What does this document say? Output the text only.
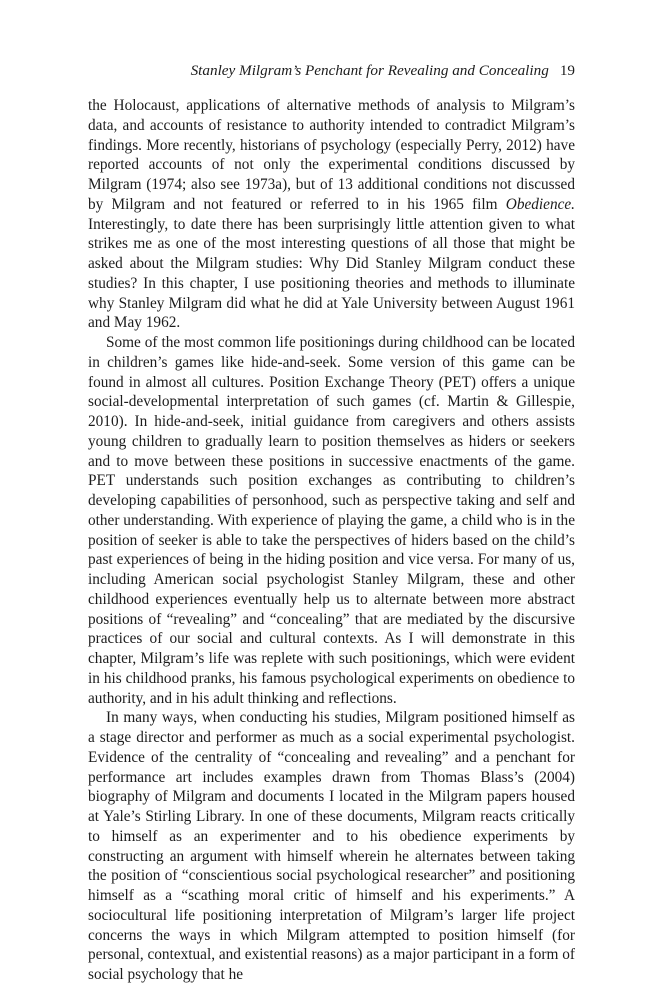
Stanley Milgram’s Penchant for Revealing and Concealing 19

the Holocaust, applications of alternative methods of analysis to Milgram’s data, and accounts of resistance to authority intended to contradict Milgram’s findings. More recently, historians of psychology (especially Perry, 2012) have reported accounts of not only the experimental conditions discussed by Milgram (1974; also see 1973a), but of 13 additional conditions not discussed by Milgram and not featured or referred to in his 1965 film Obedience. Interestingly, to date there has been surprisingly little attention given to what strikes me as one of the most interesting questions of all those that might be asked about the Milgram studies: Why Did Stanley Milgram conduct these studies? In this chapter, I use positioning theories and methods to illuminate why Stanley Milgram did what he did at Yale University between August 1961 and May 1962.

Some of the most common life positionings during childhood can be located in children’s games like hide-and-seek. Some version of this game can be found in almost all cultures. Position Exchange Theory (PET) offers a unique social-developmental interpretation of such games (cf. Martin & Gillespie, 2010). In hide-and-seek, initial guidance from caregivers and others assists young children to gradually learn to position themselves as hiders or seekers and to move between these positions in successive enactments of the game. PET understands such position exchanges as contributing to children’s developing capabilities of personhood, such as perspective taking and self and other understanding. With experience of playing the game, a child who is in the position of seeker is able to take the perspectives of hiders based on the child’s past experiences of being in the hiding position and vice versa. For many of us, including American social psychologist Stanley Milgram, these and other childhood experiences eventually help us to alternate between more abstract positions of “revealing” and “concealing” that are mediated by the discursive practices of our social and cultural contexts. As I will demonstrate in this chapter, Milgram’s life was replete with such positionings, which were evident in his childhood pranks, his famous psychological experiments on obedience to authority, and in his adult thinking and reflections.

In many ways, when conducting his studies, Milgram positioned himself as a stage director and performer as much as a social experimental psychologist. Evidence of the centrality of “concealing and revealing” and a penchant for performance art includes examples drawn from Thomas Blass’s (2004) biography of Milgram and documents I located in the Milgram papers housed at Yale’s Stirling Library. In one of these documents, Milgram reacts critically to himself as an experimenter and to his obedience experiments by constructing an argument with himself wherein he alternates between taking the position of “conscientious social psychological researcher” and positioning himself as a “scathing moral critic of himself and his experiments.” A sociocultural life positioning interpretation of Milgram’s larger life project concerns the ways in which Milgram attempted to position himself (for personal, contextual, and existential reasons) as a major participant in a form of social psychology that he
